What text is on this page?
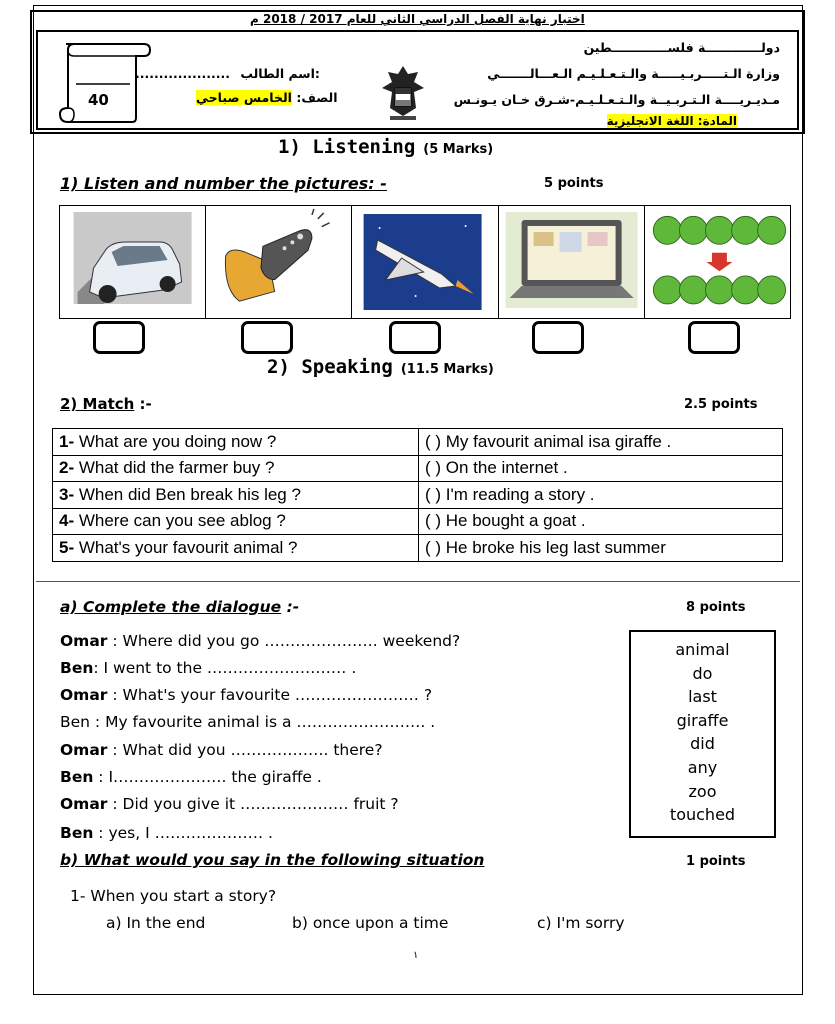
اختبار نهاية الفصل الدراسي الثاني للعام 2017 / 2018 م
دولـــــــــــــة فلســـــــــــــطين
وزارة الـتـــــربـيـــــة والـتـعـلـيـم الـعـــالـــــــي
مـديـريــــة الـتـربـيــة والـتـعـلـيـم-شـرق خـان يـونـس
المادة: اللغة الانجليزية
.................... اسم الطالب:
الصف: الخامس صباحي
40
1) Listening (5 Marks)
1) Listen and number the pictures: -	5 points
2) Speaking (11.5 Marks)
2) Match :-	2.5 points
1- What are you doing now ?	( ) My favourit animal isa giraffe .
2- What did the farmer buy ?	( ) On the internet .
3- When did Ben break his leg ?	( ) I'm reading a story .
4- Where can you see ablog ?	( ) He bought a goat .
5- What's your favourit animal ?	( ) He broke his leg last summer
a) Complete the dialogue :-	8 points
Omar : Where did you go …………………. weekend?
Ben: I went to the ……………………… .
Omar : What's your favourite …………………… ?
Ben : My favourite animal is a ……………………. .
Omar : What did you ………………. there?
Ben : I…………………. the giraffe .
Omar : Did you give it ………………… fruit ?
Ben : yes, I ………………… .
animal
do
last
giraffe
did
any
zoo
touched
b) What would you say in the following situation	1 points
1- When you start a story?
a) In the end	b) once upon a time	c) I'm sorry
١
